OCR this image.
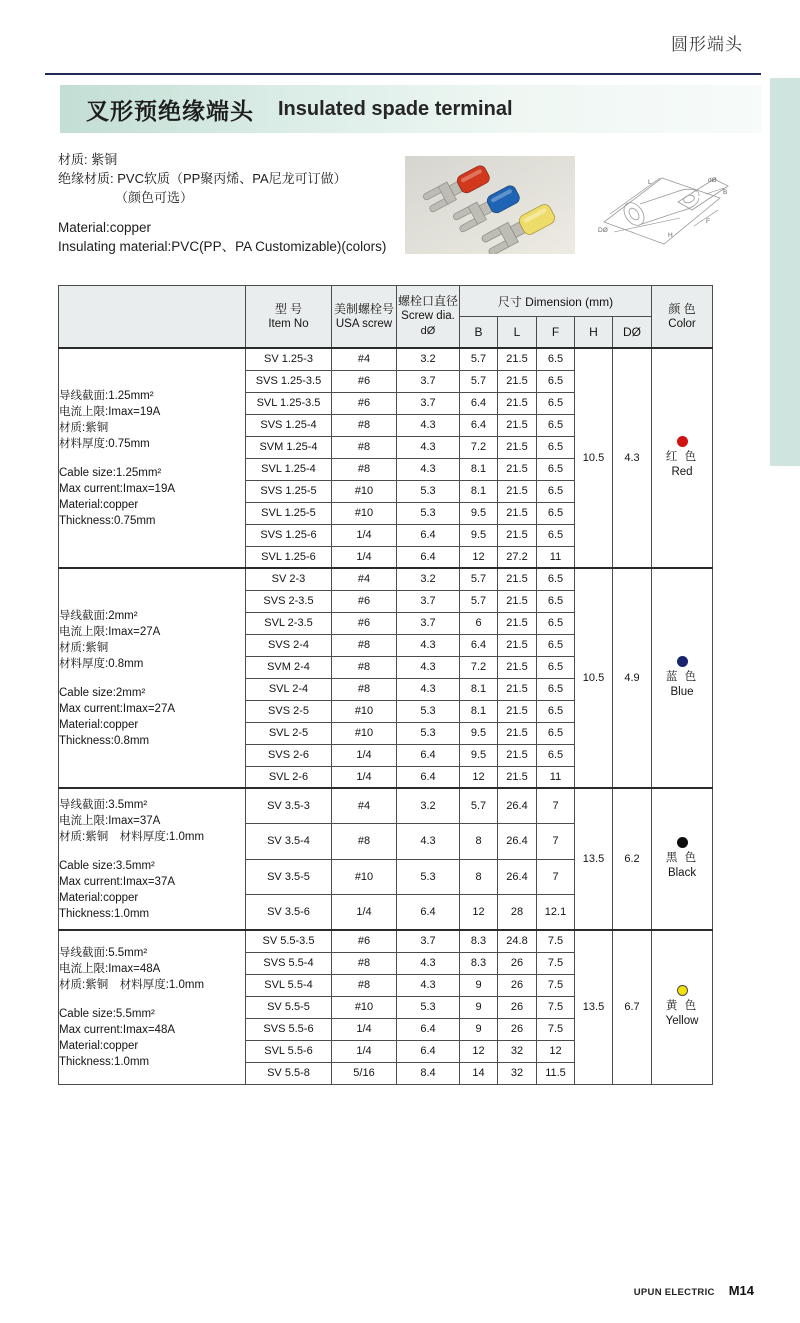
圆形端头
叉形预绝缘端头 Insulated spade terminal
材质: 紫铜
绝缘材质: PVC软质（PP聚丙烯、PA尼龙可订做）
（颜色可选）
Material:copper
Insulating material:PVC(PP、PA Customizable)(colors)
L	dØ
B
F
H
DØ

型 号
Item No

美制螺栓号
USA screw

螺栓口直径
Screw dia.
dØ
	尺寸 Dimension (mm)	颜 色
Color

				B	L	F	H	DØ	

导线截面:1.25mm²
电流上限:Imax=19A
材质:紫铜
材料厚度:0.75mm
Cable size:1.25mm²
Max current:Imax=19A
Material:copper
Thickness:0.75mm
	SV 1.25-3	#4	3.2	5.7	21.5	6.5	10.5	4.3	红 色
Red

	SVS 1.25-3.5	#6	3.7	5.7	21.5	6.5			
	SVL 1.25-3.5	#6	3.7	6.4	21.5	6.5			
	SVS 1.25-4	#8	4.3	6.4	21.5	6.5			
	SVM 1.25-4	#8	4.3	7.2	21.5	6.5			
	SVL 1.25-4	#8	4.3	8.1	21.5	6.5			
	SVS 1.25-5	#10	5.3	8.1	21.5	6.5			
	SVL 1.25-5	#10	5.3	9.5	21.5	6.5			
	SVS 1.25-6	1/4	6.4	9.5	21.5	6.5			
	SVL 1.25-6	1/4	6.4	12	27.2	11			

导线截面:2mm²
电流上限:Imax=27A
材质:紫铜
材料厚度:0.8mm
Cable size:2mm²
Max current:Imax=27A
Material:copper
Thickness:0.8mm
	SV 2-3	#4	3.2	5.7	21.5	6.5	10.5	4.9	蓝 色
Blue

	SVS 2-3.5	#6	3.7	5.7	21.5	6.5			
	SVL 2-3.5	#6	3.7	6	21.5	6.5			
	SVS 2-4	#8	4.3	6.4	21.5	6.5			
	SVM 2-4	#8	4.3	7.2	21.5	6.5			
	SVL 2-4	#8	4.3	8.1	21.5	6.5			
	SVS 2-5	#10	5.3	8.1	21.5	6.5			
	SVL 2-5	#10	5.3	9.5	21.5	6.5			
	SVS 2-6	1/4	6.4	9.5	21.5	6.5			
	SVL 2-6	1/4	6.4	12	21.5	11			

导线截面:3.5mm²
电流上限:Imax=37A
材质:紫铜　材料厚度:1.0mm
Cable size:3.5mm²
Max current:Imax=37A
Material:copper
Thickness:1.0mm
	SV 3.5-3	#4	3.2	5.7	26.4	7	13.5	6.2	黑 色
Black

	SV 3.5-4	#8	4.3	8	26.4	7			
	SV 3.5-5	#10	5.3	8	26.4	7			
	SV 3.5-6	1/4	6.4	12	28	12.1			

导线截面:5.5mm²
电流上限:Imax=48A
材质:紫铜　材料厚度:1.0mm
Cable size:5.5mm²
Max current:Imax=48A
Material:copper
Thickness:1.0mm
	SV 5.5-3.5	#6	3.7	8.3	24.8	7.5	13.5	6.7	黄 色
Yellow

	SVS 5.5-4	#8	4.3	8.3	26	7.5			
	SVL 5.5-4	#8	4.3	9	26	7.5			
	SV 5.5-5	#10	5.3	9	26	7.5			
	SVS 5.5-6	1/4	6.4	9	26	7.5			
	SVL 5.5-6	1/4	6.4	12	32	12			
	SV 5.5-8	5/16	8.4	14	32	11.5			
UPUN ELECTRIC M14
